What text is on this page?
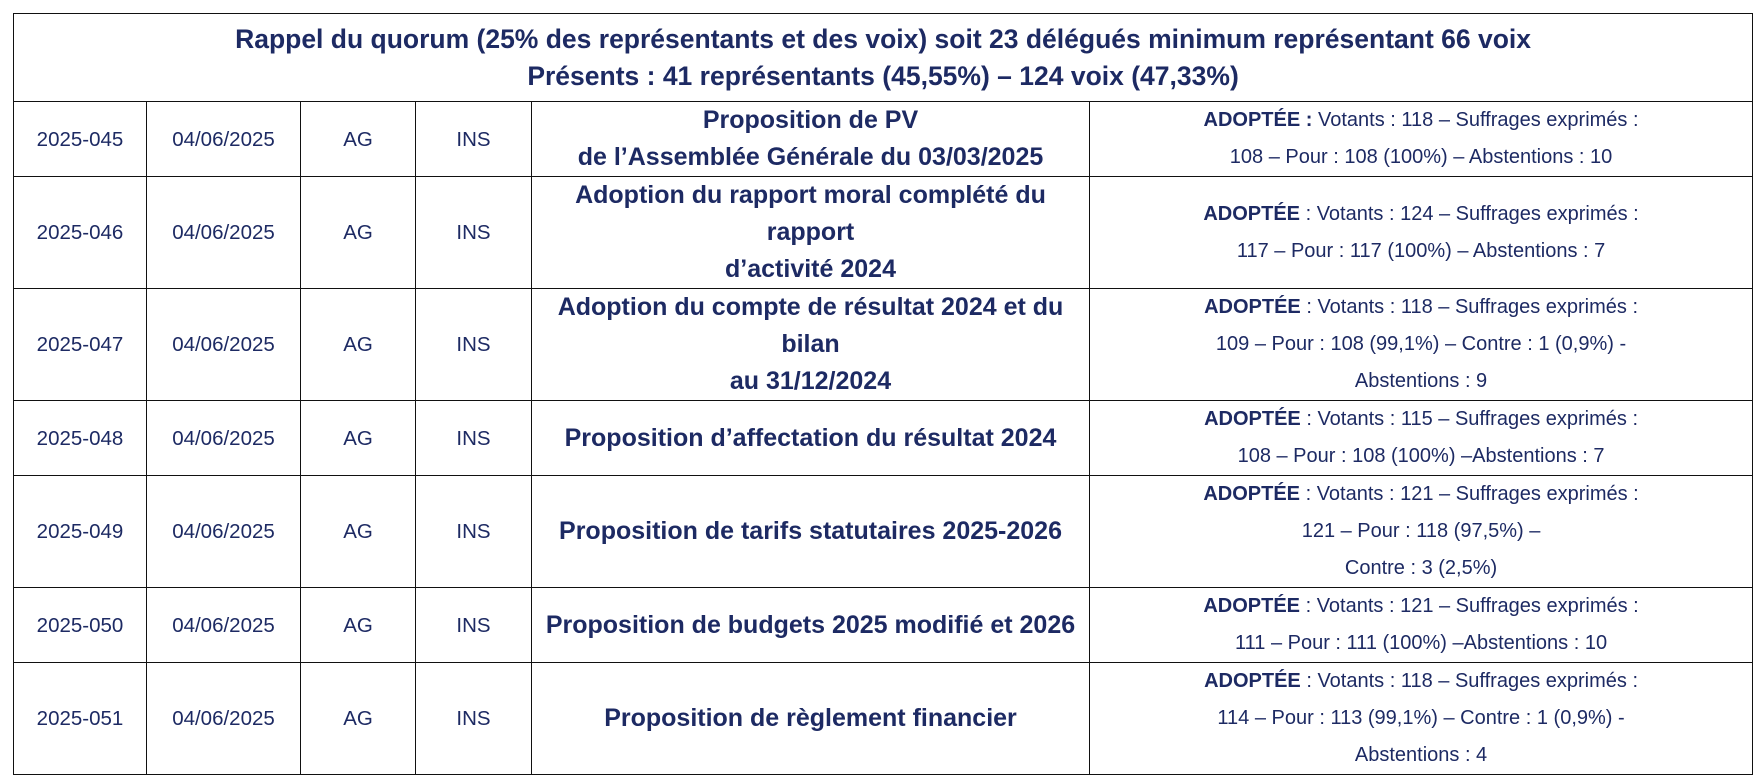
Rappel du quorum (25% des représentants et des voix) soit 23 délégués minimum représentant 66 voix
Présents : 41 représentants (45,55%) – 124 voix (47,33%)					

2025-045	04/06/2025	AG	INS	Proposition de PV
de l’Assemblée Générale du 03/03/2025	ADOPTÉE : Votants : 118 – Suffrages exprimés :
108 – Pour : 108 (100%) – Abstentions : 10

2025-046	04/06/2025	AG	INS	Adoption du rapport moral complété du rapport
d’activité 2024	ADOPTÉE : Votants : 124 – Suffrages exprimés :
117 – Pour : 117 (100%) – Abstentions : 7

2025-047	04/06/2025	AG	INS	Adoption du compte de résultat 2024 et du bilan
au 31/12/2024	ADOPTÉE : Votants : 118 – Suffrages exprimés :
109 – Pour : 108 (99,1%) – Contre : 1 (0,9%) -
Abstentions : 9

2025-048	04/06/2025	AG	INS	Proposition d’affectation du résultat 2024	ADOPTÉE : Votants : 115 – Suffrages exprimés :
108 – Pour : 108 (100%) –Abstentions : 7

2025-049	04/06/2025	AG	INS	Proposition de tarifs statutaires 2025-2026	ADOPTÉE : Votants : 121 – Suffrages exprimés :
121 – Pour : 118 (97,5%) –
Contre : 3 (2,5%)

2025-050	04/06/2025	AG	INS	Proposition de budgets 2025 modifié et 2026	ADOPTÉE : Votants : 121 – Suffrages exprimés :
111 – Pour : 111 (100%) –Abstentions : 10

2025-051	04/06/2025	AG	INS	Proposition de règlement financier	ADOPTÉE : Votants : 118 – Suffrages exprimés :
114 – Pour : 113 (99,1%) – Contre : 1 (0,9%) -
Abstentions : 4
